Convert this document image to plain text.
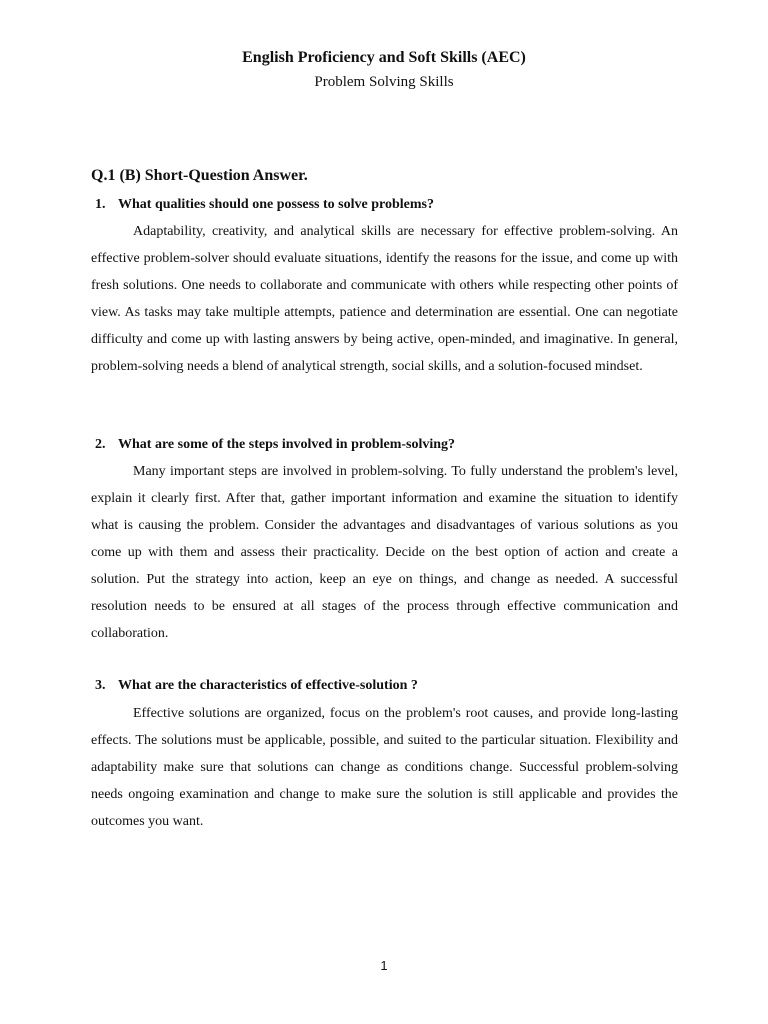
English Proficiency and Soft Skills (AEC)
Problem Solving Skills
Q.1 (B) Short-Question Answer.
1. What qualities should one possess to solve problems?

Adaptability, creativity, and analytical skills are necessary for effective problem-solving. An effective problem-solver should evaluate situations, identify the reasons for the issue, and come up with fresh solutions. One needs to collaborate and communicate with others while respecting other points of view. As tasks may take multiple attempts, patience and determination are essential. One can negotiate difficulty and come up with lasting answers by being active, open-minded, and imaginative. In general, problem-solving needs a blend of analytical strength, social skills, and a solution-focused mindset.

2. What are some of the steps involved in problem-solving?

Many important steps are involved in problem-solving. To fully understand the problem's level, explain it clearly first. After that, gather important information and examine the situation to identify what is causing the problem. Consider the advantages and disadvantages of various solutions as you come up with them and assess their practicality. Decide on the best option of action and create a solution. Put the strategy into action, keep an eye on things, and change as needed. A successful resolution needs to be ensured at all stages of the process through effective communication and collaboration.

3. What are the characteristics of effective-solution ?

Effective solutions are organized, focus on the problem's root causes, and provide long-lasting effects. The solutions must be applicable, possible, and suited to the particular situation. Flexibility and adaptability make sure that solutions can change as conditions change. Successful problem-solving needs ongoing examination and change to make sure the solution is still applicable and provides the outcomes you want.

1
